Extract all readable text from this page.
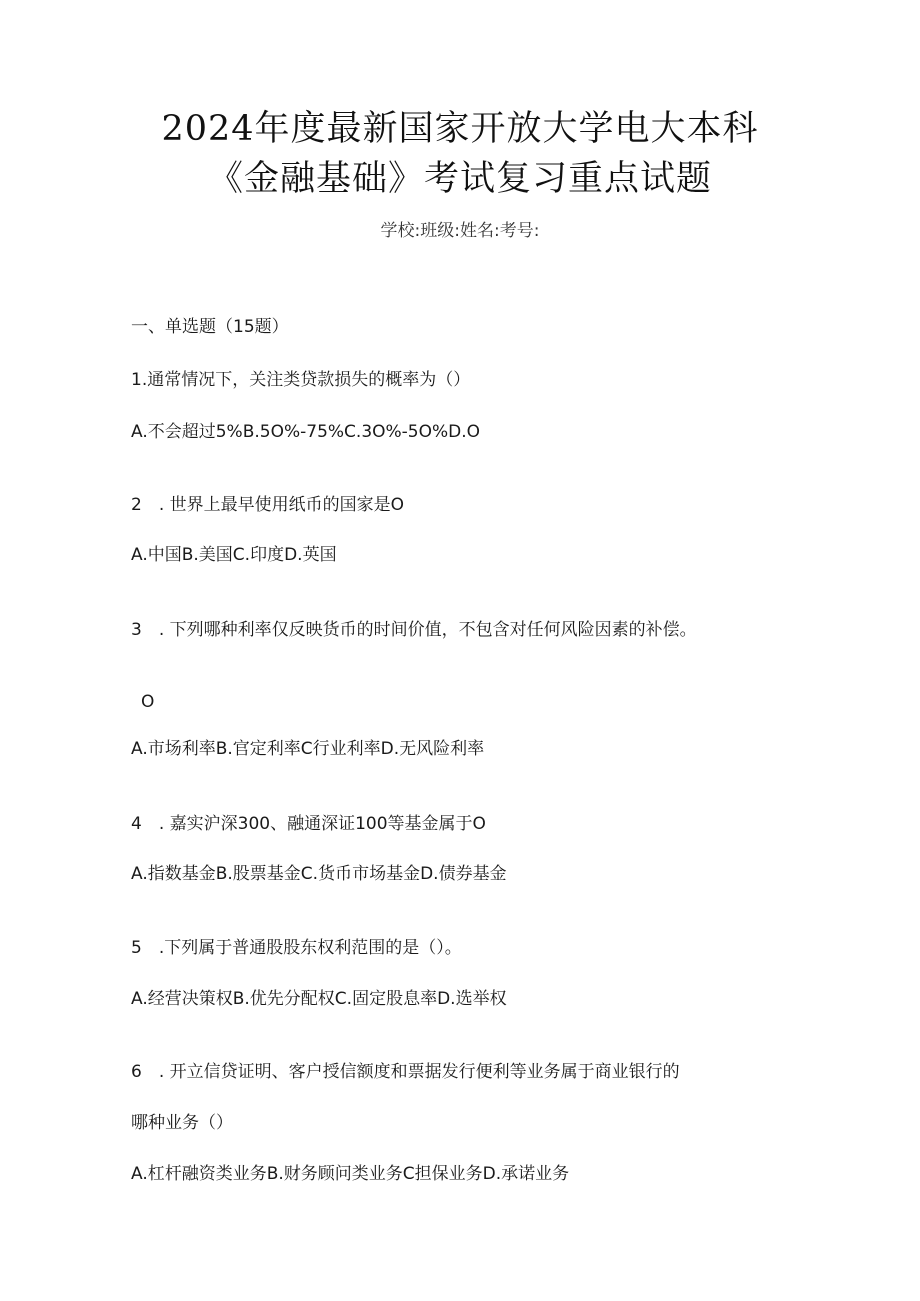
2024年度最新国家开放大学电大本科《金融基础》考试复习重点试题
学校:班级:姓名:考号:
一、单选题（15题）
1.通常情况下，关注类贷款损失的概率为（）
A.不会超过5%B.5O%-75%C.3O%-5O%D.O
2　. 世界上最早使用纸币的国家是O
A.中国B.美国C.印度D.英国
3　. 下列哪种利率仅反映货币的时间价值，不包含对任何风险因素的补偿。
O
A.市场利率B.官定利率C行业利率D.无风险利率
4　. 嘉实沪深300、融通深证100等基金属于O
A.指数基金B.股票基金C.货币市场基金D.债券基金
5　.下列属于普通股股东权利范围的是（）。
A.经营决策权B.优先分配权C.固定股息率D.选举权
6　. 开立信贷证明、客户授信额度和票据发行便利等业务属于商业银行的
哪种业务（）
A.杠杆融资类业务B.财务顾问类业务C担保业务D.承诺业务
